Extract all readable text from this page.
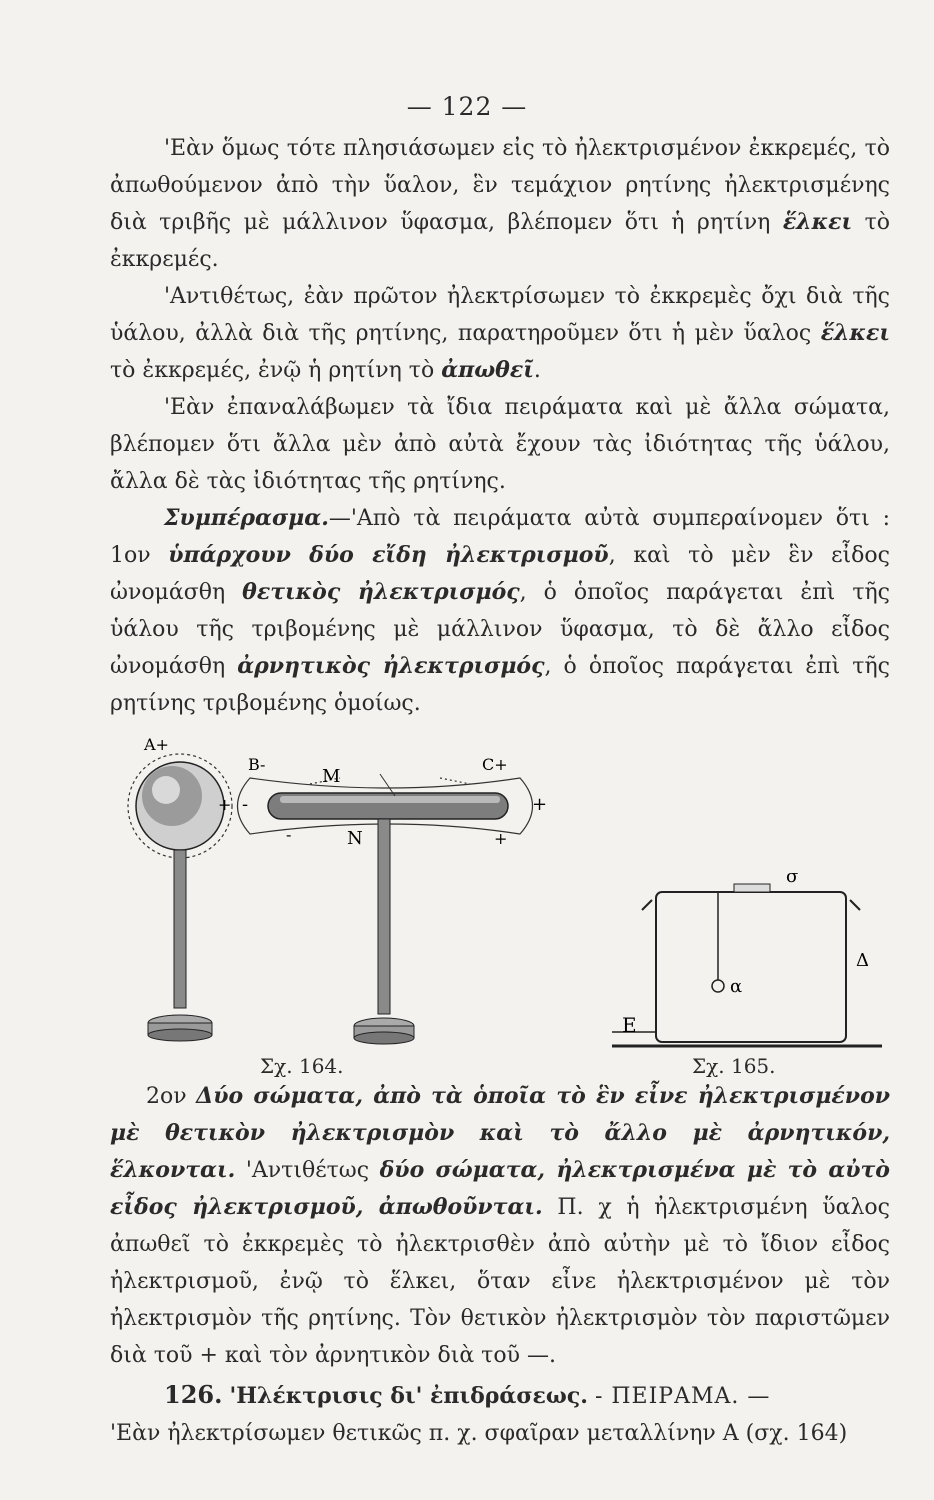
— 122 —

'Εὰν ὅμως τότε πλησιάσωμεν εἰς τὸ ἠλεκτρισμένον ἐκκρεμές, τὸ ἀπωθούμενον ἀπὸ τὴν ὕαλον, ἓν τεμάχιον ρητίνης ἠλεκτρισμένης διὰ τριβῆς μὲ μάλλινον ὕφασμα, βλέπομεν ὅτι ἡ ρητίνη ἕλκει τὸ ἐκκρεμές.

'Αντιθέτως, ἐὰν πρῶτον ἠλεκτρίσωμεν τὸ ἐκκρεμὲς ὄχι διὰ τῆς ὑάλου, ἀλλὰ διὰ τῆς ρητίνης, παρατηροῦμεν ὅτι ἡ μὲν ὕαλος ἕλκει τὸ ἐκκρεμές, ἐνῷ ἡ ρητίνη τὸ ἀπωθεῖ.

'Εὰν ἐπαναλάβωμεν τὰ ἴδια πειράματα καὶ μὲ ἄλλα σώματα, βλέπομεν ὅτι ἄλλα μὲν ἀπὸ αὐτὰ ἔχουν τὰς ἰδιότητας τῆς ὑάλου, ἄλλα δὲ τὰς ἰδιότητας τῆς ρητίνης.

Συμπέρασμα.—'Απὸ τὰ πειράματα αὐτὰ συμπεραίνομεν ὅτι : 1ον ὑπάρχουν δύο εἴδη ἠλεκτρισμοῦ, καὶ τὸ μὲν ἓν εἶδος ὠνομάσθη θετικὸς ἠλεκτρισμός, ὁ ὁποῖος παράγεται ἐπὶ τῆς ὑάλου τῆς τριβομένης μὲ μάλλινον ὕφασμα, τὸ δὲ ἄλλο εἶδος ὠνομάσθη ἀρνητικὸς ἠλεκτρισμός, ὁ ὁποῖος παράγεται ἐπὶ τῆς ρητίνης τριβομένης ὁμοίως.

A+
B-
M
C+
N
+
+ -
+
-
σ
α
Δ
E
Σχ. 164.	Σχ. 165.

2ον Δύο σώματα, ἀπὸ τὰ ὁποῖα τὸ ἓν εἶνε ἠλεκτρισμένον μὲ θετικὸν ἠλεκτρισμὸν καὶ τὸ ἄλλο μὲ ἀρνητικόν, ἕλκονται. 'Αντιθέτως δύο σώματα, ἠλεκτρισμένα μὲ τὸ αὐτὸ εἶδος ἠλεκτρισμοῦ, ἀπωθοῦνται. Π. χ ἡ ἠλεκτρισμένη ὕαλος ἀπωθεῖ τὸ ἐκκρεμὲς τὸ ἠλεκτρισθὲν ἀπὸ αὐτὴν μὲ τὸ ἴδιον εἶδος ἠλεκτρισμοῦ, ἐνῷ τὸ ἕλκει, ὅταν εἶνε ἠλεκτρισμένον μὲ τὸν ἠλεκτρισμὸν τῆς ρητίνης. Τὸν θετικὸν ἠλεκτρισμὸν τὸν παριστῶμεν διὰ τοῦ + καὶ τὸν ἀρνητικὸν διὰ τοῦ —.

126. 'Ηλέκτρισις δι' ἐπιδράσεως. - ΠΕΙΡΑΜΑ. —

'Εὰν ἠλεκτρίσωμεν θετικῶς π. χ. σφαῖραν μεταλλίνην Α (σχ. 164)
